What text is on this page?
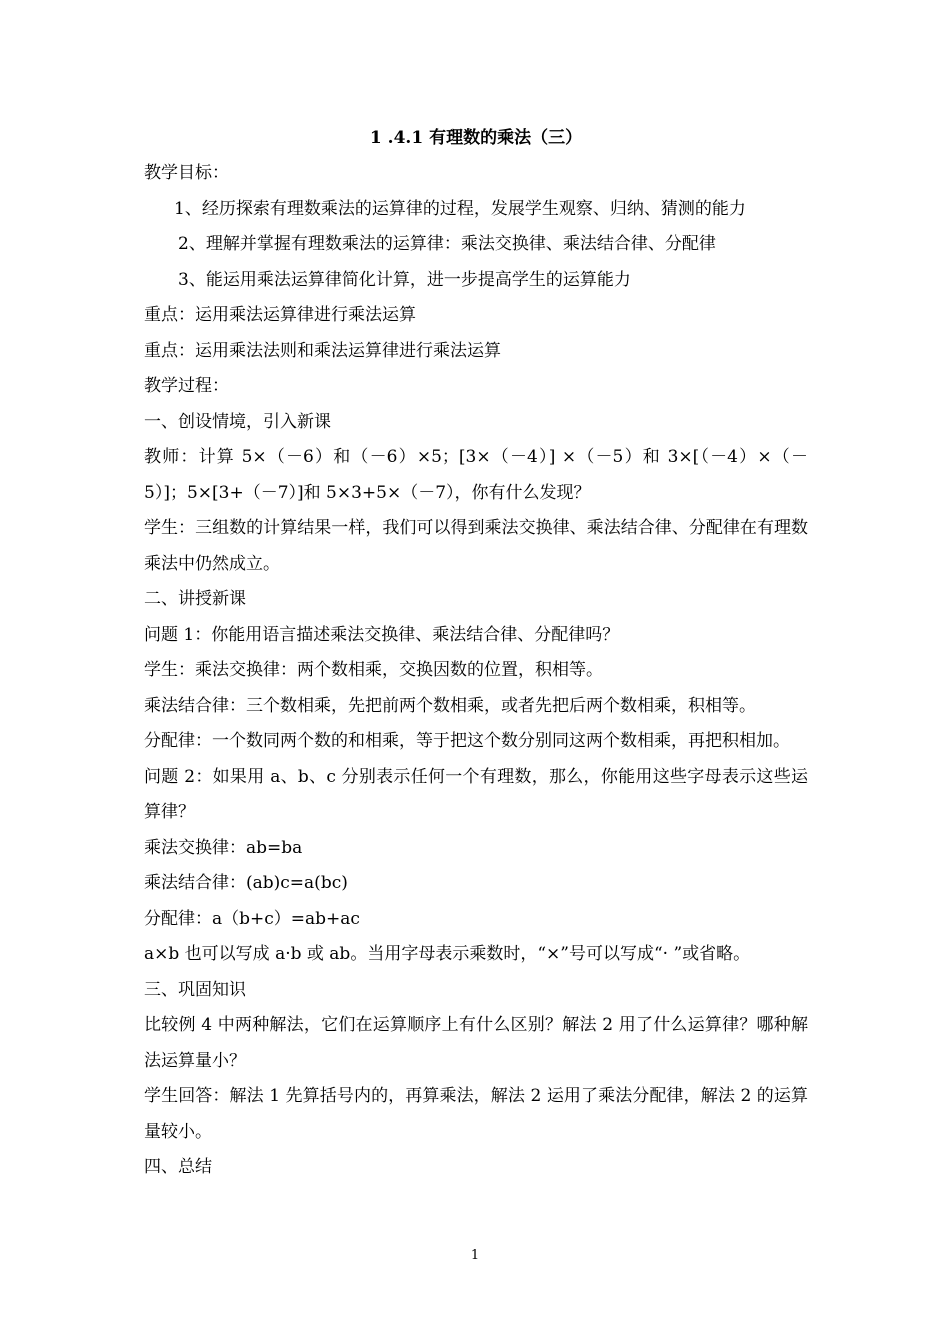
1 .4.1 有理数的乘法（三）

教学目标：

1、经历探索有理数乘法的运算律的过程，发展学生观察、归纳、猜测的能力

2、理解并掌握有理数乘法的运算律：乘法交换律、乘法结合律、分配律

3、能运用乘法运算律简化计算，进一步提高学生的运算能力

重点：运用乘法运算律进行乘法运算

重点：运用乘法法则和乘法运算律进行乘法运算

教学过程：

一、创设情境，引入新课

教师：计算 5×（－6）和（－6）×5；[3×（－4）] ×（－5）和 3×[（－4）×（－5）]；5×[3+（－7）]和 5×3+5×（－7），你有什么发现？

学生：三组数的计算结果一样，我们可以得到乘法交换律、乘法结合律、分配律在有理数乘法中仍然成立。

二、讲授新课

问题 1：你能用语言描述乘法交换律、乘法结合律、分配律吗？

学生：乘法交换律：两个数相乘，交换因数的位置，积相等。

乘法结合律：三个数相乘，先把前两个数相乘，或者先把后两个数相乘，积相等。

分配律：一个数同两个数的和相乘，等于把这个数分别同这两个数相乘，再把积相加。

问题 2：如果用 a、b、c 分别表示任何一个有理数，那么，你能用这些字母表示这些运算律？

乘法交换律：ab=ba

乘法结合律：(ab)c=a(bc)

分配律：a（b+c）=ab+ac

a×b 也可以写成 a·b 或 ab。当用字母表示乘数时，“×”号可以写成“· ”或省略。

三、巩固知识

比较例 4 中两种解法，它们在运算顺序上有什么区别？解法 2 用了什么运算律？哪种解法运算量小？

学生回答：解法 1 先算括号内的，再算乘法，解法 2 运用了乘法分配律，解法 2 的运算量较小。

四、总结

1
